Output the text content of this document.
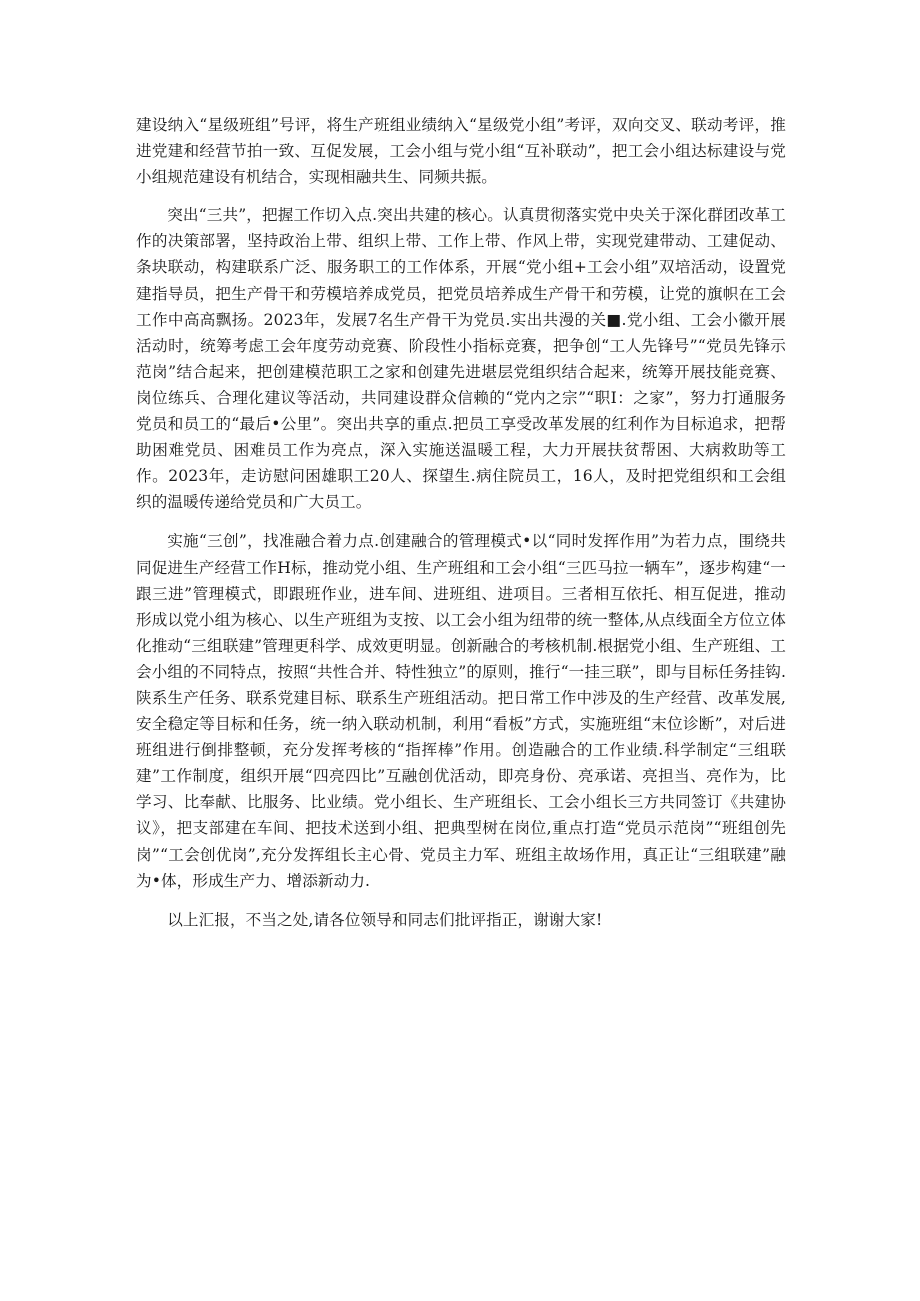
建设纳入“星级班组”号评，将生产班组业绩纳入“星级党小组”考评，双向交叉、联动考评，推进党建和经营节拍一致、互促发展，工会小组与党小组“互补联动”，把工会小组达标建设与党小组规范建设有机结合，实现相融共生、同频共振。

突出“三共”，把握工作切入点.突出共建的核心。认真贯彻落实党中央关于深化群团改革工作的决策部署，坚持政治上带、组织上带、工作上带、作风上带，实现党建带动、工建促动、条块联动，构建联系广泛、服务职工的工作体系，开展“党小组+工会小组”双培活动，设置党建指导员，把生产骨干和劳模培养成党员，把党员培养成生产骨干和劳模，让党的旗帜在工会工作中高高飘扬。2023年，发展7名生产骨干为党员.实出共漫的关■.党小组、工会小徽开展活动时，统筹考虑工会年度劳动竞赛、阶段性小指标竞赛，把争创“工人先锋号”“党员先锋示范岗”结合起来，把创建模范职工之家和创建先进堪层党组织结合起来，统筹开展技能竞赛、岗位练兵、合理化建议等活动，共同建设群众信赖的“党内之宗”“职I：之家”，努力打通服务党员和员工的“最后•公里”。突出共享的重点.把员工享受改革发展的红利作为目标追求，把帮助困难党员、困难员工作为亮点，深入实施送温暖工程，大力开展扶贫帮困、大病救助等工作。2023年，走访慰问困雄职工20人、探望生.病住院员工，16人，及时把党组织和工会组织的温暖传递给党员和广大员工。

实施“三创”，找准融合着力点.创建融合的管理模式•以“同时发挥作用”为若力点，围绕共同促进生产经营工作H标，推动党小组、生产班组和工会小组“三匹马拉一辆车”，逐步构建“一跟三进”管理模式，即跟班作业，进车间、进班组、进项目。三者相互依托、相互促进，推动形成以党小组为核心、以生产班组为支按、以工会小组为纽带的统一整体,从点线面全方位立体化推动“三组联建”管理更科学、成效更明显。创新融合的考核机制.根据党小组、生产班组、工会小组的不同特点，按照“共性合并、特性独立”的原则，推行“一挂三联”，即与目标任务挂钩.陕系生产任务、联系党建目标、联系生产班组活动。把日常工作中涉及的生产经营、改革发展,安全稳定等目标和任务，统一纳入联动机制，利用“看板”方式，实施班组“末位诊断”，对后进班组进行倒排整顿，充分发挥考核的“指挥棒”作用。创造融合的工作业绩.科学制定“三组联建”工作制度，组织开展“四亮四比”互融创优活动，即亮身份、亮承诺、亮担当、亮作为，比学习、比奉献、比服务、比业绩。党小组长、生产班组长、工会小组长三方共同签订《共建协议》，把支部建在车间、把技术送到小组、把典型树在岗位,重点打造“党员示范岗”“班组创先岗”“工会创优岗”,充分发挥组长主心骨、党员主力军、班组主故场作用，真正让“三组联建”融为•体，形成生产力、增添新动力.

以上汇报，不当之处,请各位领导和同志们批评指正，谢谢大家!
